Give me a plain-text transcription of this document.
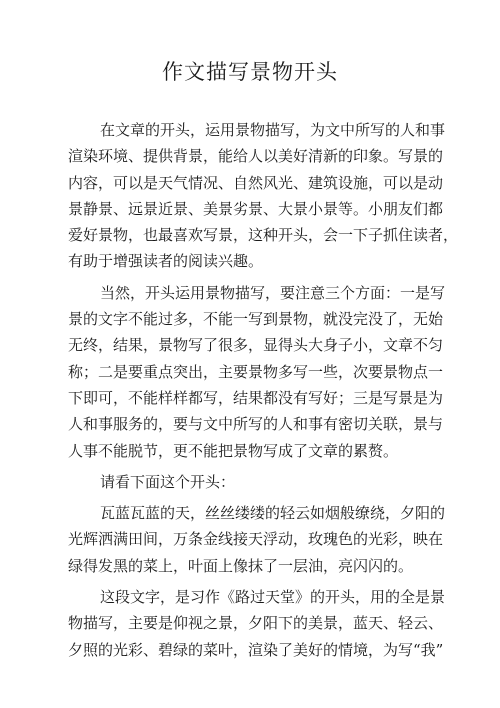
作文描写景物开头
在文章的开头，运用景物描写，为文中所写的人和事
渲染环境、提供背景，能给人以美好清新的印象。写景的
内容，可以是天气情况、自然风光、建筑设施，可以是动
景静景、远景近景、美景劣景、大景小景等。小朋友们都
爱好景物，也最喜欢写景，这种开头，会一下子抓住读者，
有助于增强读者的阅读兴趣。
当然，开头运用景物描写，要注意三个方面：一是写
景的文字不能过多，不能一写到景物，就没完没了，无始
无终，结果，景物写了很多，显得头大身子小，文章不匀
称；二是要重点突出，主要景物多写一些，次要景物点一
下即可，不能样样都写，结果都没有写好；三是写景是为
人和事服务的，要与文中所写的人和事有密切关联，景与
人事不能脱节，更不能把景物写成了文章的累赘。
请看下面这个开头：
瓦蓝瓦蓝的天，丝丝缕缕的轻云如烟般缭绕，夕阳的
光辉洒满田间，万条金线接天浮动，玫瑰色的光彩，映在
绿得发黑的菜上，叶面上像抹了一层油，亮闪闪的。
这段文字，是习作《路过天堂》的开头，用的全是景
物描写，主要是仰视之景，夕阳下的美景，蓝天、轻云、
夕照的光彩、碧绿的菜叶，渲染了美好的情境，为写“我”
